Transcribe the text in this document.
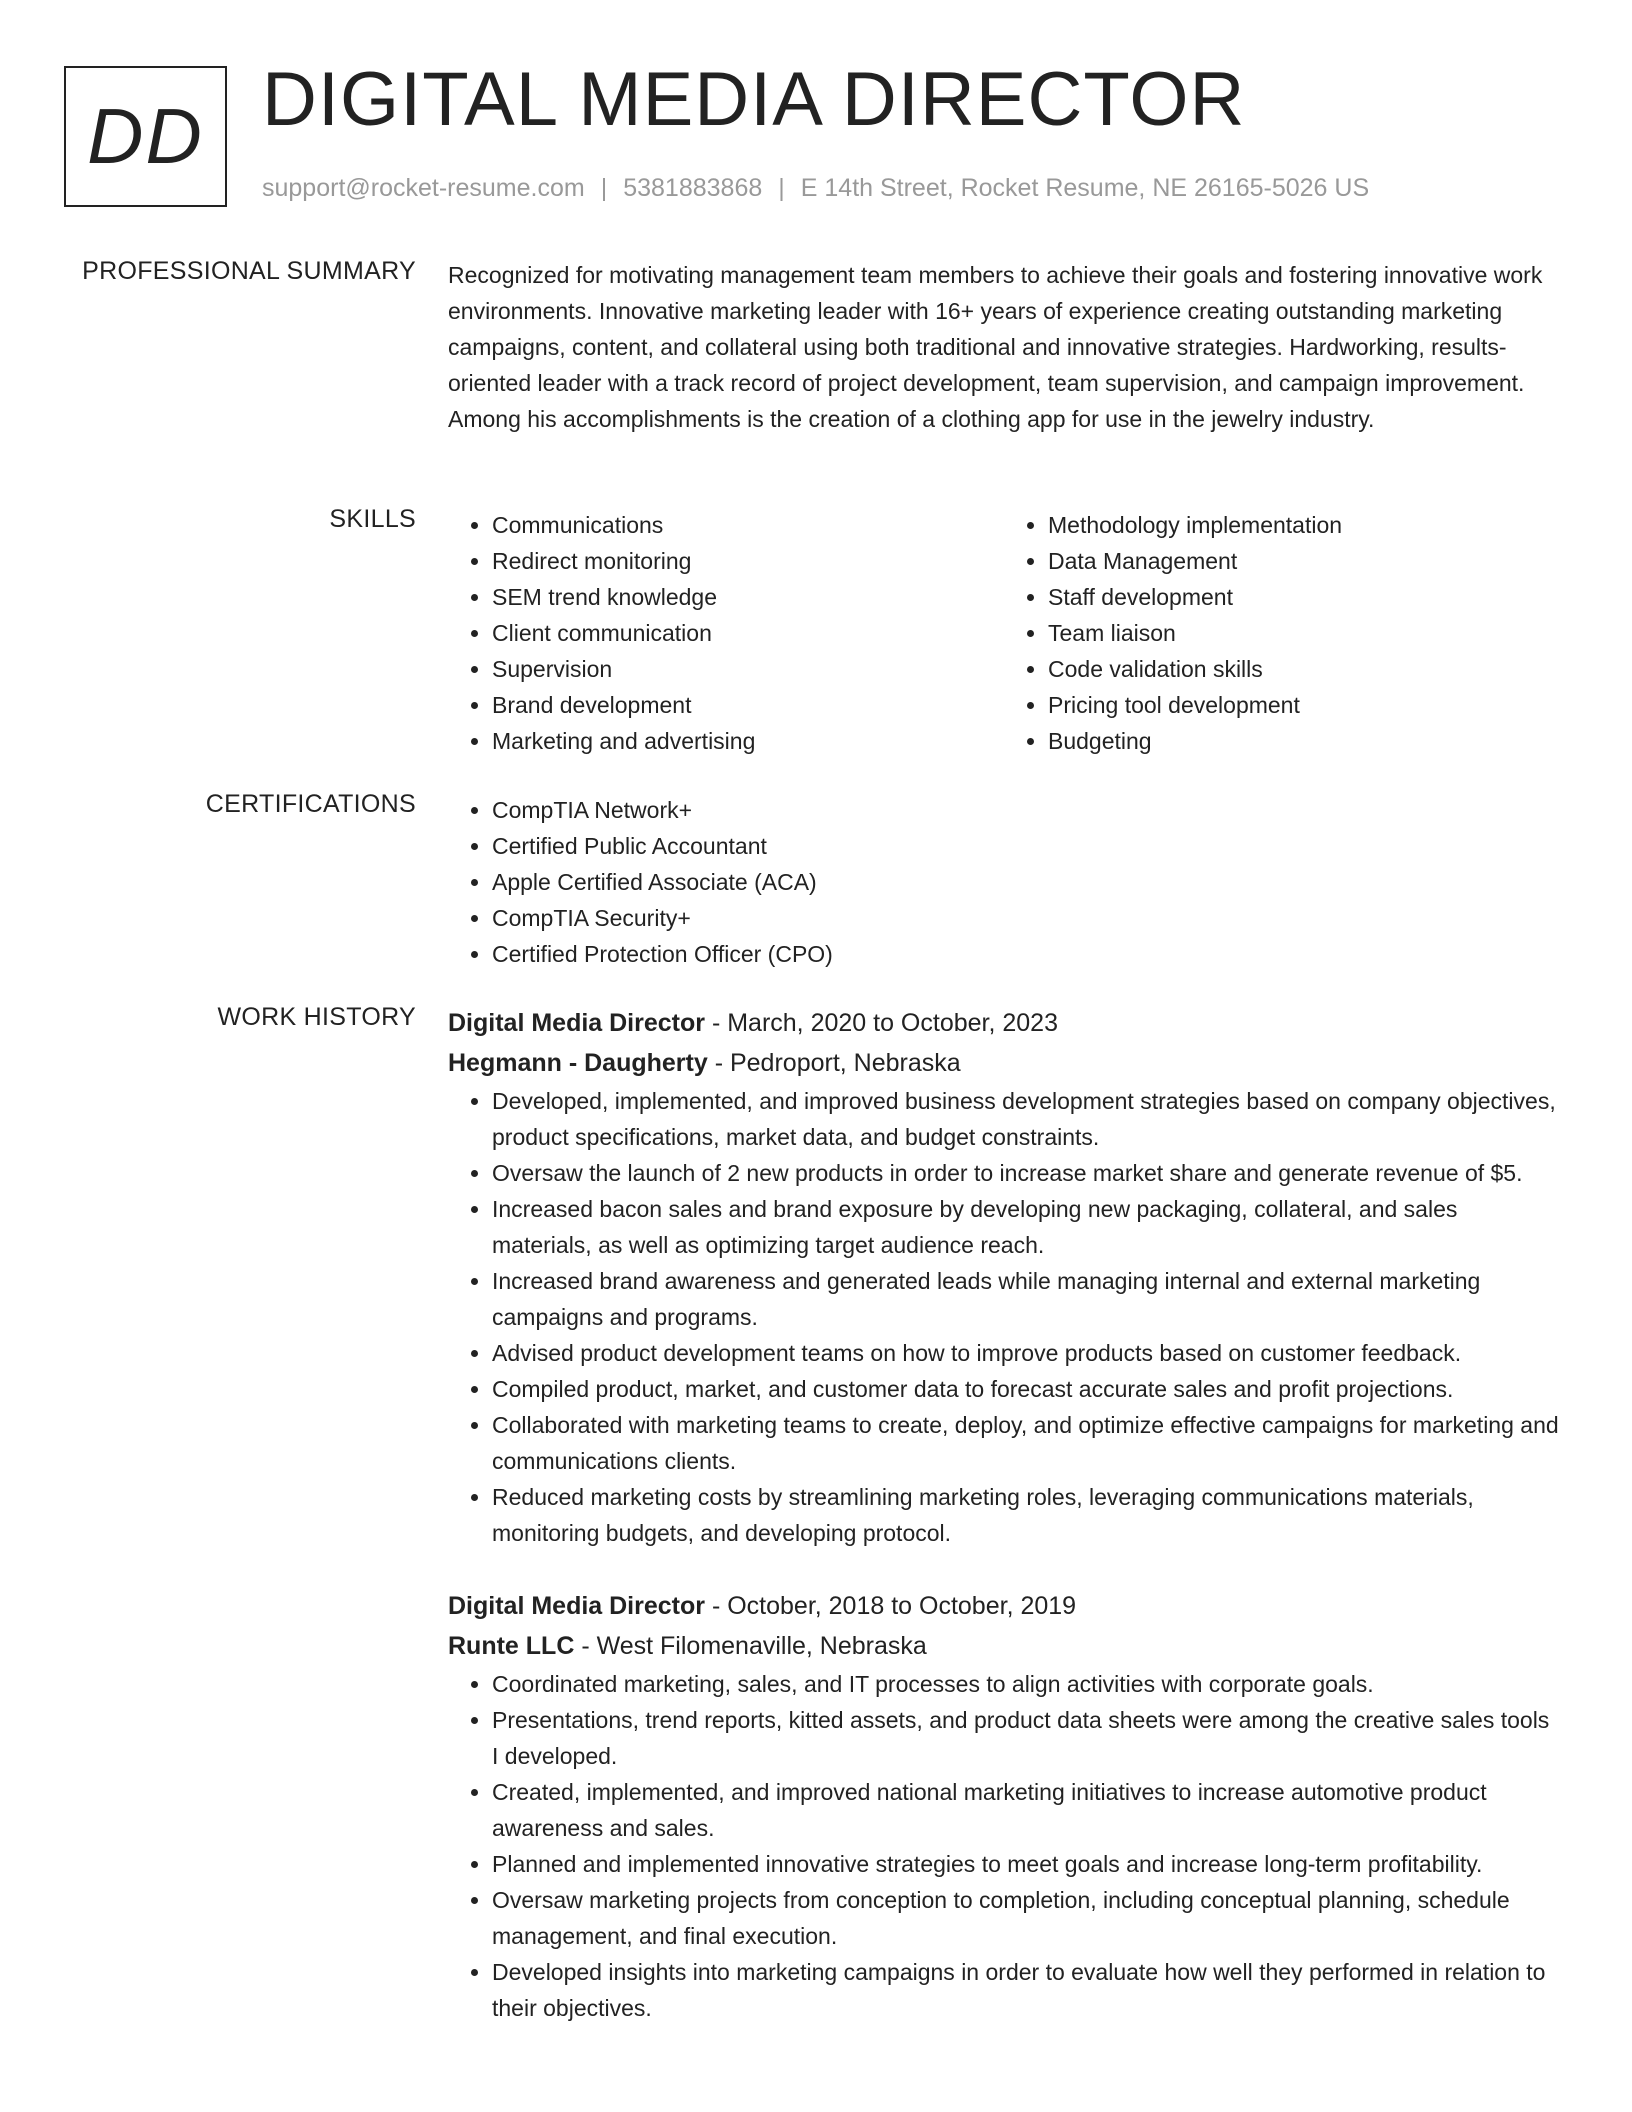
DD DIGITAL MEDIA DIRECTOR
support@rocket-resume.com | 5381883868 | E 14th Street, Rocket Resume, NE 26165-5026 US
PROFESSIONAL SUMMARY Recognized for motivating management team members to achieve their goals and fostering innovative work environments. Innovative marketing leader with 16+ years of experience creating outstanding marketing campaigns, content, and collateral using both traditional and innovative strategies. Hardworking, results-oriented leader with a track record of project development, team supervision, and campaign improvement. Among his accomplishments is the creation of a clothing app for use in the jewelry industry.
SKILLS	• Communications
• Redirect monitoring
• SEM trend knowledge
• Client communication
• Supervision
• Brand development
• Marketing and advertising
• Methodology implementation
• Data Management
• Staff development
• Team liaison
• Code validation skills
• Pricing tool development
• Budgeting
CERTIFICATIONS	• CompTIA Network+
• Certified Public Accountant
• Apple Certified Associate (ACA)
• CompTIA Security+
• Certified Protection Officer (CPO)
WORK HISTORY Digital Media Director - March, 2020 to October, 2023
Hegmann - Daugherty - Pedroport, Nebraska
• Developed, implemented, and improved business development strategies based on company objectives, product specifications, market data, and budget constraints.
• Oversaw the launch of 2 new products in order to increase market share and generate revenue of $5.
• Increased bacon sales and brand exposure by developing new packaging, collateral, and sales materials, as well as optimizing target audience reach.
• Increased brand awareness and generated leads while managing internal and external marketing campaigns and programs.
• Advised product development teams on how to improve products based on customer feedback.
• Compiled product, market, and customer data to forecast accurate sales and profit projections.
• Collaborated with marketing teams to create, deploy, and optimize effective campaigns for marketing and communications clients.
• Reduced marketing costs by streamlining marketing roles, leveraging communications materials, monitoring budgets, and developing protocol.
Digital Media Director - October, 2018 to October, 2019
Runte LLC - West Filomenaville, Nebraska
• Coordinated marketing, sales, and IT processes to align activities with corporate goals.
• Presentations, trend reports, kitted assets, and product data sheets were among the creative sales tools I developed.
• Created, implemented, and improved national marketing initiatives to increase automotive product awareness and sales.
• Planned and implemented innovative strategies to meet goals and increase long-term profitability.
• Oversaw marketing projects from conception to completion, including conceptual planning, schedule management, and final execution.
• Developed insights into marketing campaigns in order to evaluate how well they performed in relation to their objectives.
